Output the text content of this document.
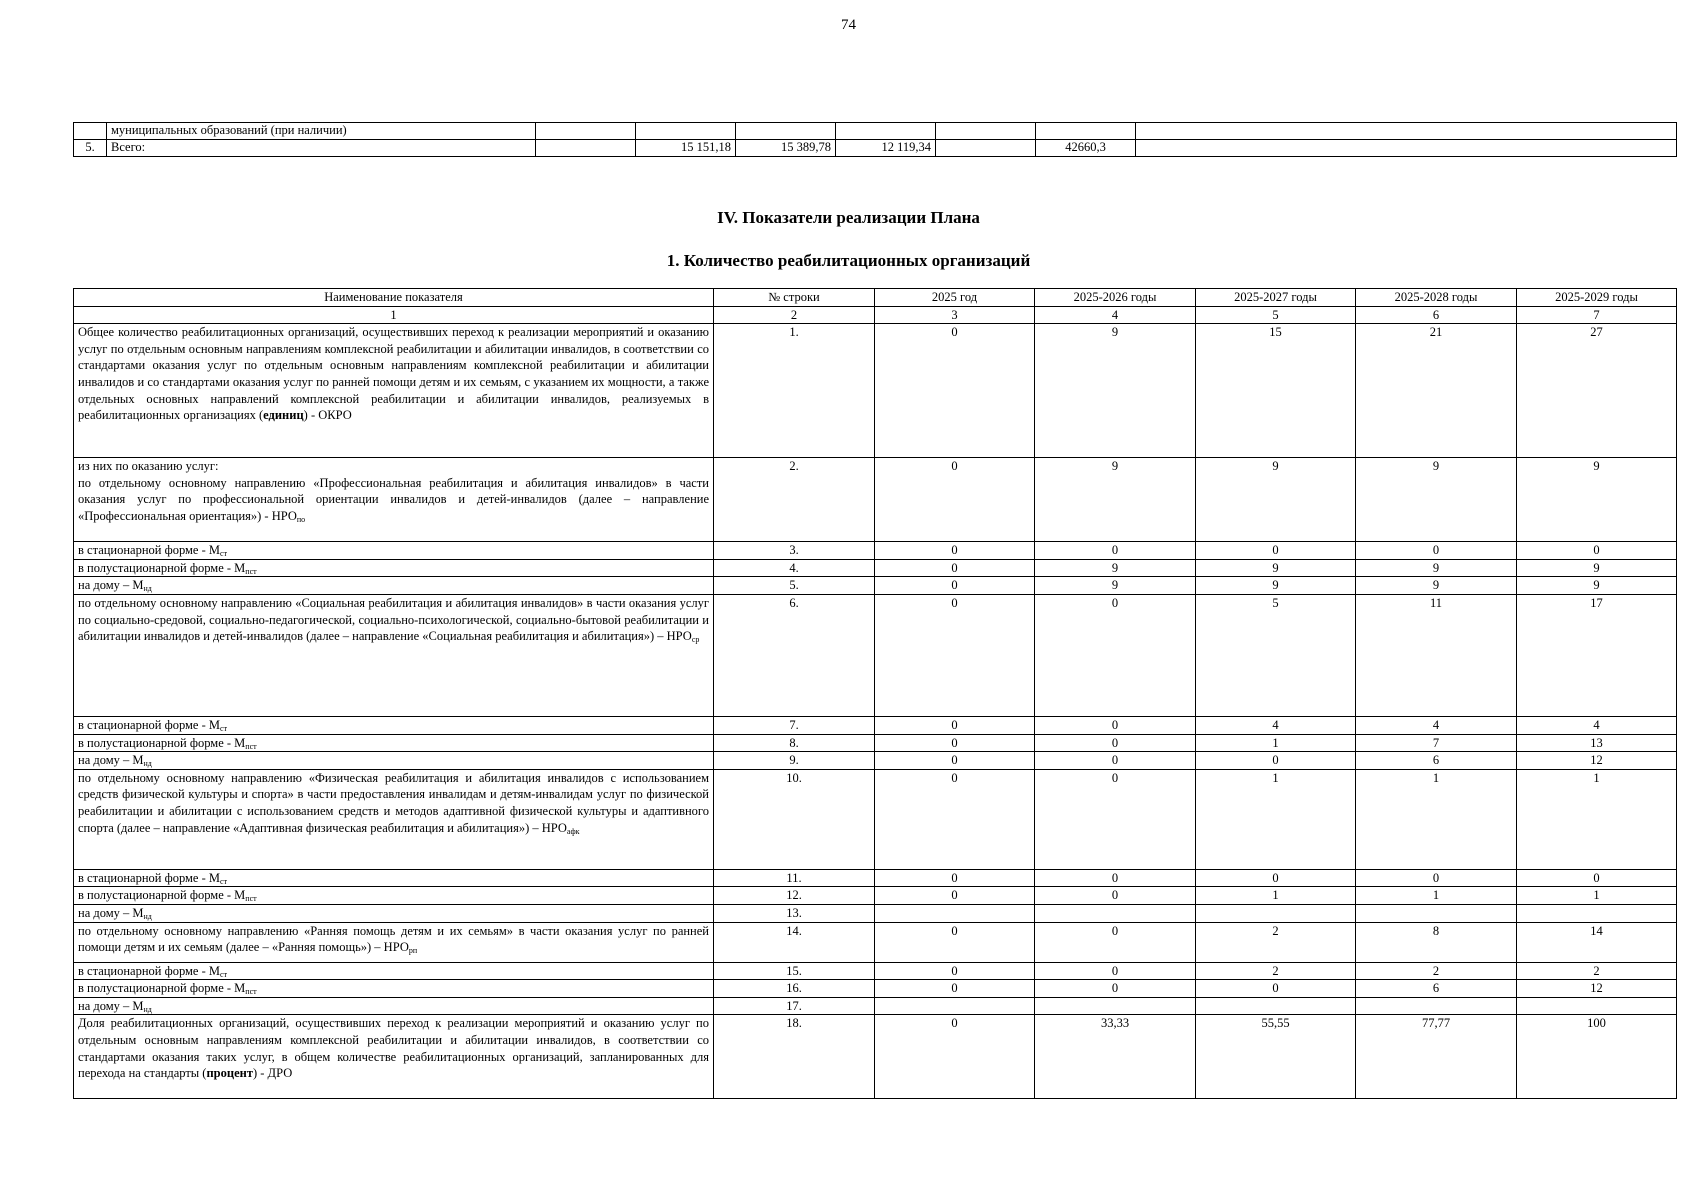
74
	муниципальных образований (при наличии)							
5.	Всего:		15 151,18	15 389,78	12 119,34		42660,3	
IV. Показатели реализации Плана
1. Количество реабилитационных организаций
Наименование показателя	№ строки	2025 год	2025-2026 годы	2025-2027 годы	2025-2028 годы	2025-2029 годы
1	2	3	4	5	6	7
Общее количество реабилитационных организаций, осуществивших переход к реализации мероприятий и оказанию услуг по отдельным основным направлениям комплексной реабилитации и абилитации инвалидов, в соответствии со стандартами оказания услуг по отдельным основным направлениям комплексной реабилитации и абилитации инвалидов и со стандартами оказания услуг по ранней помощи детям и их семьям, с указанием их мощности, а также отдельных основных направлений комплексной реабилитации и абилитации инвалидов, реализуемых в реабилитационных организациях (единиц) - ОКРО	1.	0	9	15	21	27
из них по оказанию услуг:
по отдельному основному направлению «Профессиональная реабилитация и абилитация инвалидов» в части оказания услуг по профессиональной ориентации инвалидов и детей-инвалидов (далее – направление «Профессиональная ориентация») - $НРО_{по}$	2.	0	9	9	9	9
в стационарной форме - $М_{ст}$	3.	0	0	0	0	0
в полустационарной форме - $М_{пст}$	4.	0	9	9	9	9
на дому – $М_{нд}$	5.	0	9	9	9	9
по отдельному основному направлению «Социальная реабилитация и абилитация инвалидов» в части оказания услуг по социально-средовой, социально-педагогической, социально-психологической, социально-бытовой реабилитации и абилитации инвалидов и детей-инвалидов (далее – направление «Социальная реабилитация и абилитация») – $НРО_{ср}$	6.	0	0	5	11	17
в стационарной форме - $М_{ст}$	7.	0	0	4	4	4
в полустационарной форме - $М_{пст}$	8.	0	0	1	7	13
на дому – $М_{нд}$	9.	0	0	0	6	12
по отдельному основному направлению «Физическая реабилитация и абилитация инвалидов с использованием средств физической культуры и спорта» в части предоставления инвалидам и детям-инвалидам услуг по физической реабилитации и абилитации с использованием средств и методов адаптивной физической культуры и адаптивного спорта (далее – направление «Адаптивная физическая реабилитация и абилитация») – $НРО_{афк}$	10.	0	0	1	1	1
в стационарной форме - $М_{ст}$	11.	0	0	0	0	0
в полустационарной форме - $М_{пст}$	12.	0	0	1	1	1
на дому – $М_{нд}$	13.					
по отдельному основному направлению «Ранняя помощь детям и их семьям» в части оказания услуг по ранней помощи детям и их семьям (далее – «Ранняя помощь») – $НРО_{рп}$	14.	0	0	2	8	14
в стационарной форме - $М_{ст}$	15.	0	0	2	2	2
в полустационарной форме - $М_{пст}$	16.	0	0	0	6	12
на дому – $М_{нд}$	17.					
Доля реабилитационных организаций, осуществивших переход к реализации мероприятий и оказанию услуг по отдельным основным направлениям комплексной реабилитации и абилитации инвалидов, в соответствии со стандартами оказания таких услуг, в общем количестве реабилитационных организаций, запланированных для перехода на стандарты (процент) - ДРО	18.	0	33,33	55,55	77,77	100
